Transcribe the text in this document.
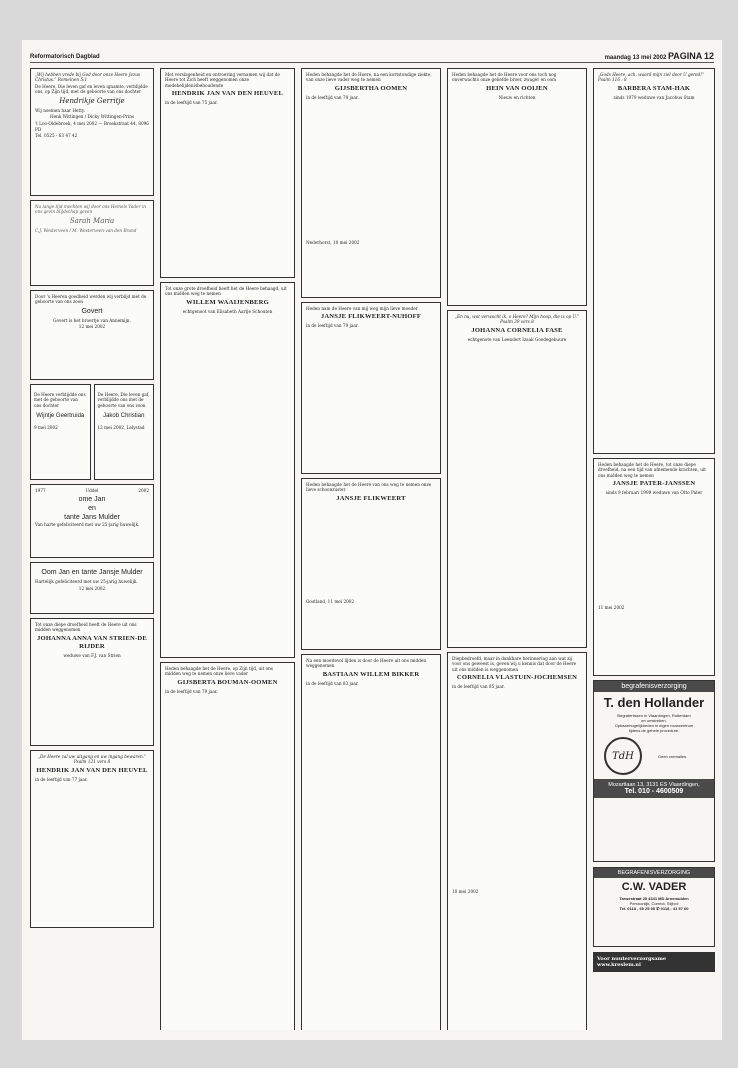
Reformatorisch Dagblad	maandag 13 mei 2002 PAGINA 12

„Wij hebben vrede bij God door onze Heere Jezus Christus.” Romeinen 5:1

De Heere, Die leven gaf en leven ignamte, verblijdde ons, op Zijn tijd, met de geboorte van ons dochter

Hendrikje Gerritje

Wij noemen haar Hetty.

Henk Wittingen / Dicky Wittingen-Prins

't Loo-Oldebroek, 4 mei 2002 — Broekstraat 44, 8096 PD

Tel. 0525 - 63 47 42

Na lange tijd mochten wij door ons Hemels Vader in ons gezin blijdschap geven

Sarah Maria

C.J. Westerveen / M. Westerveen-van den Brand

Door 's Heeren goedheid werden wij verblijd met de geboorte van ons zoon

Govert

Govert is het broertje van Annemijn.

12 mei 2002

De Heere verblijdde ons met de geboorte van ons dochter

Wijntje Geertruida

9 mei 2002

De Heere, Die leven gaf, verblijdde ons met de geboorte van ons zoon

Jakob Christian

12 mei 2002, Lelystad

1977	Uddel	2002

ome Jan
en
tante Jans Mulder

Van harte gefeliciteerd met uw 25-jarig huwelijk.

Oom Jan en tante Jansje Mulder

Hartelijk gefeliciteerd met uw 25-jarig huwelijk.

12 mei 2002

Tot onze diepe droefheid heeft de Heere uit ons midden weggenomen

JOHANNA ANNA VAN STRIEN-DE RIJDER

weduwe van F.J. van Strien

„De Heere zal uw uitgang en uw ingang bewaren.” Psalm 121 vers 8

HENDRIK JAN VAN DEN HEUVEL

in de leeftijd van 77 jaar.

Met verslagenheid en ontroering vernamen wij dat de Heere tot Zich heeft weggenomen onze medebelijdenisbehoudende

HENDRIK JAN VAN DEN HEUVEL

in de leeftijd van 75 jaar.

Tot onze grote droefheid heeft het de Heere behaagd, uit ons midden weg te nemen

WILLEM WAAIJENBERG

echtgenoot van Elisabeth Aartje Schouten

Heden behaagde het de Heere, op Zijn tijd, uit ons midden weg te nemen onze lieve vader

GIJSBERTA BOUMAN-OOMEN

in de leeftijd van 79 jaar.

Heden behaagde het de Heere, na een kortstondige ziekte, van onze lieve vader weg te nemen

GIJSBERTHA OOMEN

in de leeftijd van 79 jaar.

Nederhorst, 10 mei 2002

Heden nam de Heere van mij weg mijn lieve moeder

JANSJE FLIKWEERT-NUHOFF

in de leeftijd van 79 jaar.

Heden behaagde het de Heere van ons weg te nemen onze lieve schoonzuster

JANSJE FLIKWEERT

Oostland, 11 mei 2002

Na een moeitevol lijden is door de Heere uit ons midden weggenomen

BASTIAAN WILLEM BIKKER

in de leeftijd van 83 jaar.

Heden behaagde het de Heere voor ons toch nog onverwachts onze geliefde broer, zwager en oom

HEIN VAN OOIJEN

Nieuw en richten

„En nu, wat verwacht ik, o Heere? Mijn hoop, die is op U.” Psalm 39 vers 8

JOHANNA CORNELIA FASE

echtgenote van Leendert Izaak Goedegebuure

Diepbedroefd, maar in dankbare herinnering aan wat zij voor ons geweest is, geven wij u kennis dat door de Heere uit ons midden is weggenomen

CORNELIA VLASTUIN-JOCHEMSEN

in de leeftijd van 85 jaar.

10 mei 2002

„Gods Heere, ach, waard mijn ziel door U gered!” Psalm 116 : 8

BARBERA STAM-HAK

sinds 1979 weduwe van Jacobus Stam

Heden behaagde het de Heere, tot onze diepe droefheid, na een tijd van afnemende krachten, uit ons midden weg te nemen

JANSJE PATER-JANSSEN

sinds 9 februari 1999 weduwe van Otto Pater

11 mei 2002

begrafenisverzorging
T. den Hollander
Begrafenissen in Vlaardingen, Rotterdam
en omstreken.
Opbaarmogelijkheden in eigen rouwcentrum
tijdens de gehele procedure.
TdH	Geen cremailes.
Mozartlaan 13, 3131 ES Vlaardingen,
Tel. 010 - 4600509
BEGRAFENISVERZORGING
C.W. VADER
Tarwestraat 25 4341 MD Arnemuiden
Persoonlijk, Correct, Stijlvol
Tel. 0118 - 60 25 00 ✆ 0118 - 41 57 60
Voor nuuterverzorgsame www.kreslem.nl
